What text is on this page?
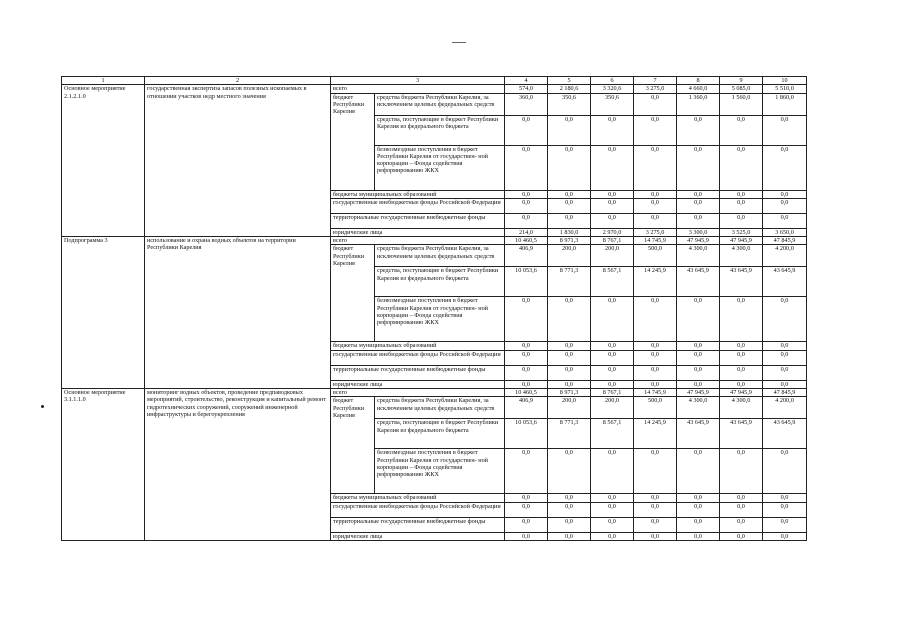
1	2	3		4	5	6	7	8	9	10
Основное мероприятие 2.1.2.1.0	государственная экспертиза запасов полезных ископаемых в отношении участков недр местного значения	всего		574,0	2 180,6	3 320,6	3 275,0	4 660,0	5 085,0	5 510,0
		бюджет Республики Карелия	средства бюджета Республики Карелия, за исключением целевых федеральных средств	360,0	350,6	350,6	0,0	1 360,0	1 560,0	1 860,0
			средства, поступающие в бюджет Республики Карелия из федерального бюджета	0,0	0,0	0,0	0,0	0,0	0,0	0,0
			безвозмездные поступления в бюджет Республики Карелия от государствен- ной корпорации – Фонда содействия реформированию ЖКХ	0,0	0,0	0,0	0,0	0,0	0,0	0,0
		бюджеты муниципальных образований		0,0	0,0	0,0	0,0	0,0	0,0	0,0
		государственные внебюджетные фонды Российской Федерации		0,0	0,0	0,0	0,0	0,0	0,0	0,0
		территориальные государственные внебюджетные фонды		0,0	0,0	0,0	0,0	0,0	0,0	0,0
		юридические лица		214,0	1 830,0	2 970,0	3 275,0	3 300,0	3 525,0	3 650,0
Подпрограмма 3	использование и охрана водных объектов на территории Республики Карелия	всего		10 460,5	8 971,3	8 767,1	14 745,9	47 945,9	47 945,9	47 845,9
		бюджет Республики Карелия	средства бюджета Республики Карелия, за исключением целевых федеральных средств	406,9	200,0	200,0	500,0	4 300,0	4 300,0	4 200,0
			средства, поступающие в бюджет Республики Карелия из федерального бюджета	10 053,6	8 771,3	8 567,1	14 245,9	43 645,9	43 645,9	43 645,9
			безвозмездные поступления в бюджет Республики Карелия от государствен- ной корпорации – Фонда содействия реформированию ЖКХ	0,0	0,0	0,0	0,0	0,0	0,0	0,0
		бюджеты муниципальных образований		0,0	0,0	0,0	0,0	0,0	0,0	0,0
		государственные внебюджетные фонды Российской Федерации		0,0	0,0	0,0	0,0	0,0	0,0	0,0
		территориальные государственные внебюджетные фонды		0,0	0,0	0,0	0,0	0,0	0,0	0,0
		юридические лица		0,0	0,0	0,0	0,0	0,0	0,0	0,0
Основное мероприятие 3.1.1.1.0	мониторинг водных объектов, проведение предпаводковых мероприятий, строительство, реконструкция и капитальный ремонт гидротехнических сооружений, сооружений инженерной инфраструктуры и берегоукрепления	всего		10 460,5	8 971,3	8 767,1	14 745,9	47 945,9	47 945,9	47 845,9
		бюджет Республики Карелия	средства бюджета Республики Карелия, за исключением целевых федеральных средств	406,9	200,0	200,0	500,0	4 300,0	4 300,0	4 200,0
			средства, поступающие в бюджет Республики Карелия из федерального бюджета	10 053,6	8 771,3	8 567,1	14 245,9	43 645,9	43 645,9	43 645,9
			безвозмездные поступления в бюджет Республики Карелия от государствен- ной корпорации – Фонда содействия реформированию ЖКХ	0,0	0,0	0,0	0,0	0,0	0,0	0,0
		бюджеты муниципальных образований		0,0	0,0	0,0	0,0	0,0	0,0	0,0
		государственные внебюджетные фонды Российской Федерации		0,0	0,0	0,0	0,0	0,0	0,0	0,0
		территориальные государственные внебюджетные фонды		0,0	0,0	0,0	0,0	0,0	0,0	0,0
		юридические лица		0,0	0,0	0,0	0,0	0,0	0,0	0,0
